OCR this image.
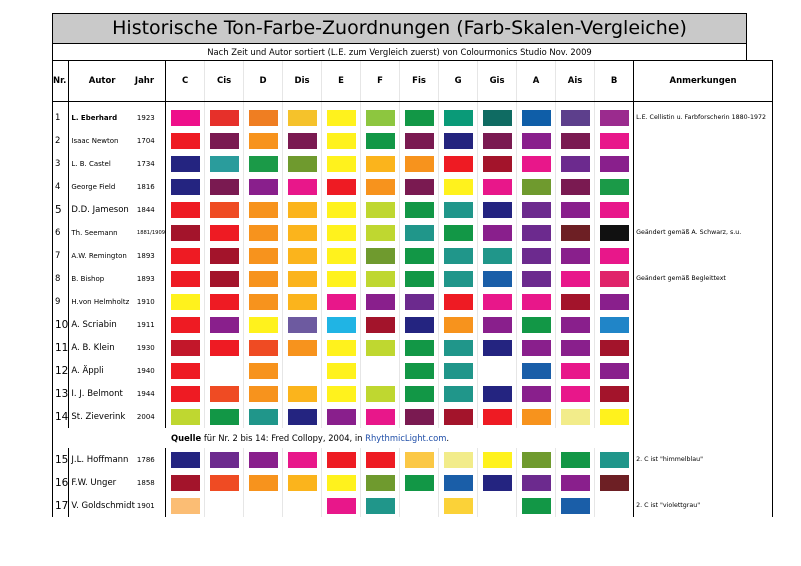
Historische Ton-Farbe-Zuordnungen (Farb-Skalen-Vergleiche)
Nach Zeit und Autor sortiert (L.E. zum Vergleich zuerst) von Colourmonics Studio Nov. 2009
Nr.	Autor	Jahr	C	Cis	D	Dis	E	F	Fis	G	Gis	A	Ais	B	Anmerkungen

1	L. Eberhard	1923													L.E. Cellistin u. Farbforscherin 1880-1972
2	Isaac Newton	1704	

3	L. B. Castel	1734	

4	George Field	1816	

5	D.D. Jameson	1844	

6	Th. Seemann	1881/1909													Geändert gemäß A. Schwarz, s.u.
7	A.W. Remington	1893	

8	B. Bishop	1893													Geändert gemäß Begleittext
9	H.von Helmholtz	1910	

10	A. Scriabin	1911	

11	A. B. Klein	1930	

12	A. Äppli	1940	

13	I. J. Belmont	1944	

14	St. Zieverink	2004	

Quelle für Nr. 2 bis 14: Fred Collopy, 2004, in RhythmicLight.com.															
15	J.L. Hoffmann	1786													2. C ist "himmelblau"
16	F.W. Unger	1858	

17	V. Goldschmidt	1901													2. C ist "violettgrau"
